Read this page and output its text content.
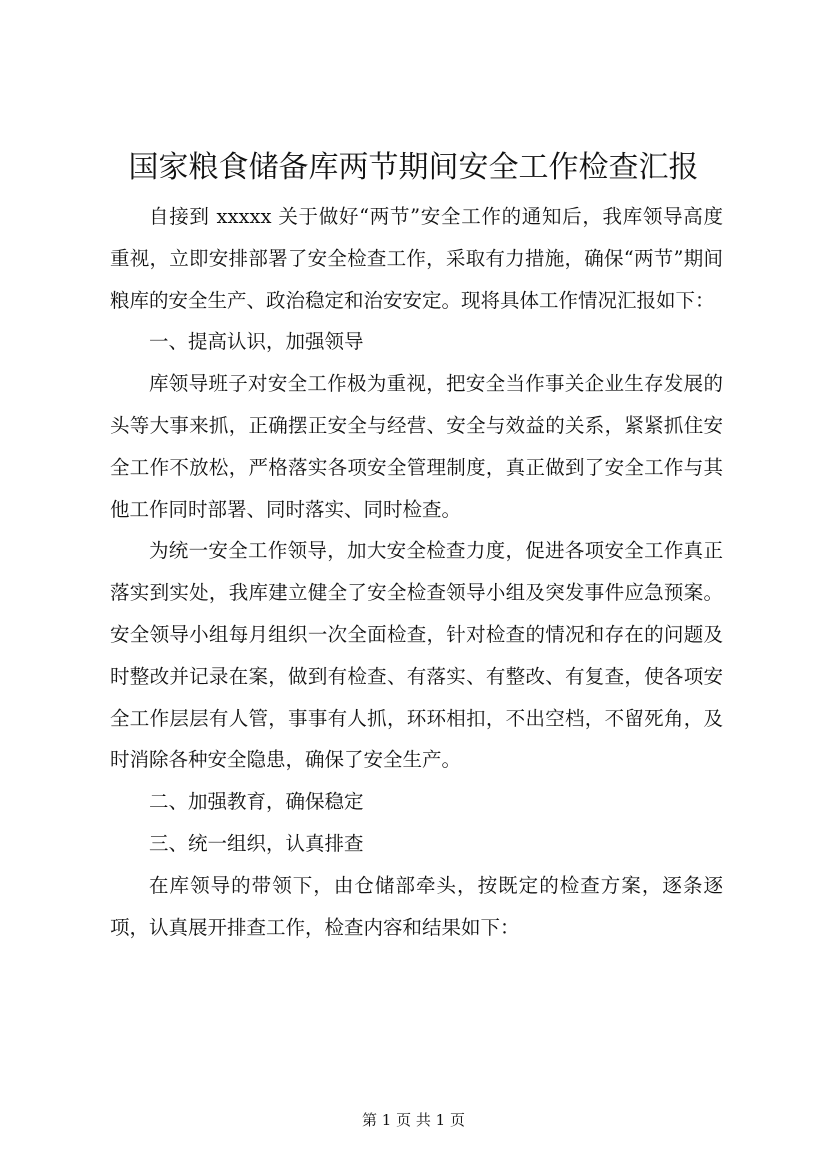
国家粮食储备库两节期间安全工作检查汇报

自接到 xxxxx 关于做好“两节”安全工作的通知后，我库领导高度重视，立即安排部署了安全检查工作，采取有力措施，确保“两节”期间粮库的安全生产、政治稳定和治安安定。现将具体工作情况汇报如下：

一、提高认识，加强领导

库领导班子对安全工作极为重视，把安全当作事关企业生存发展的头等大事来抓，正确摆正安全与经营、安全与效益的关系，紧紧抓住安全工作不放松，严格落实各项安全管理制度，真正做到了安全工作与其他工作同时部署、同时落实、同时检查。

为统一安全工作领导，加大安全检查力度，促进各项安全工作真正落实到实处，我库建立健全了安全检查领导小组及突发事件应急预案。安全领导小组每月组织一次全面检查，针对检查的情况和存在的问题及时整改并记录在案，做到有检查、有落实、有整改、有复查，使各项安全工作层层有人管，事事有人抓，环环相扣，不出空档，不留死角，及时消除各种安全隐患，确保了安全生产。

二、加强教育，确保稳定

三、统一组织，认真排查

在库领导的带领下，由仓储部牵头，按既定的检查方案，逐条逐项，认真展开排查工作，检查内容和结果如下：

第 1 页 共 1 页
